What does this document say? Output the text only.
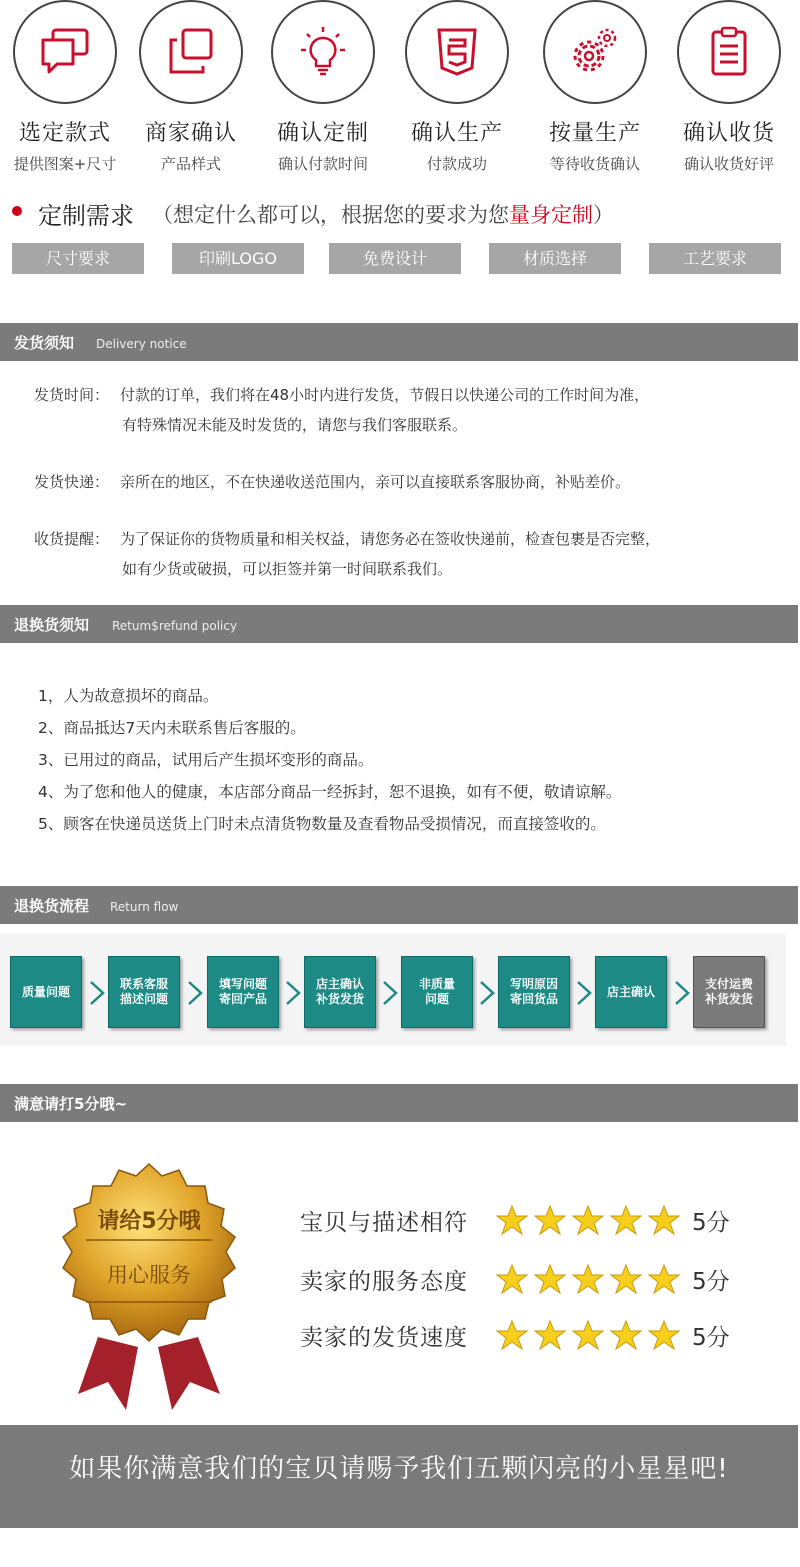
选定款式
提供图案+尺寸
商家确认
产品样式
确认定制
确认付款时间
确认生产
付款成功
按量生产
等待收货确认
确认收货
确认收货好评
定制需求 （想定什么都可以，根据您的要求为您量身定制）
尺寸要求	印刷LOGO	免费设计	材质选择	工艺要求
发货须知 Delivery notice
发货时间： 付款的订单，我们将在48小时内进行发货，节假日以快递公司的工作时间为准，
有特殊情况未能及时发货的，请您与我们客服联系。
发货快递： 亲所在的地区，不在快递收送范围内，亲可以直接联系客服协商，补贴差价。
收货提醒： 为了保证你的货物质量和相关权益，请您务必在签收快递前，检查包裹是否完整，
如有少货或破损，可以拒签并第一时间联系我们。
退换货须知 Retum$refund policy
1，人为故意损坏的商品。
2、商品抵达7天内未联系售后客服的。
3、已用过的商品，试用后产生损坏变形的商品。
4、为了您和他人的健康，本店部分商品一经拆封，恕不退换，如有不便，敬请谅解。
5、顾客在快递员送货上门时未点清货物数量及查看物品受损情况，而直接签收的。
退换货流程 Return flow
质量问题
联系客服
描述问题
填写问题
寄回产品
店主确认
补货发货
非质量
问题
写明原因
寄回货品
店主确认
支付运费
补货发货
满意请打5分哦~
请给5分哦
用心服务
宝贝与描述相符	5分
卖家的服务态度	5分
卖家的发货速度	5分
如果你满意我们的宝贝请赐予我们五颗闪亮的小星星吧!
